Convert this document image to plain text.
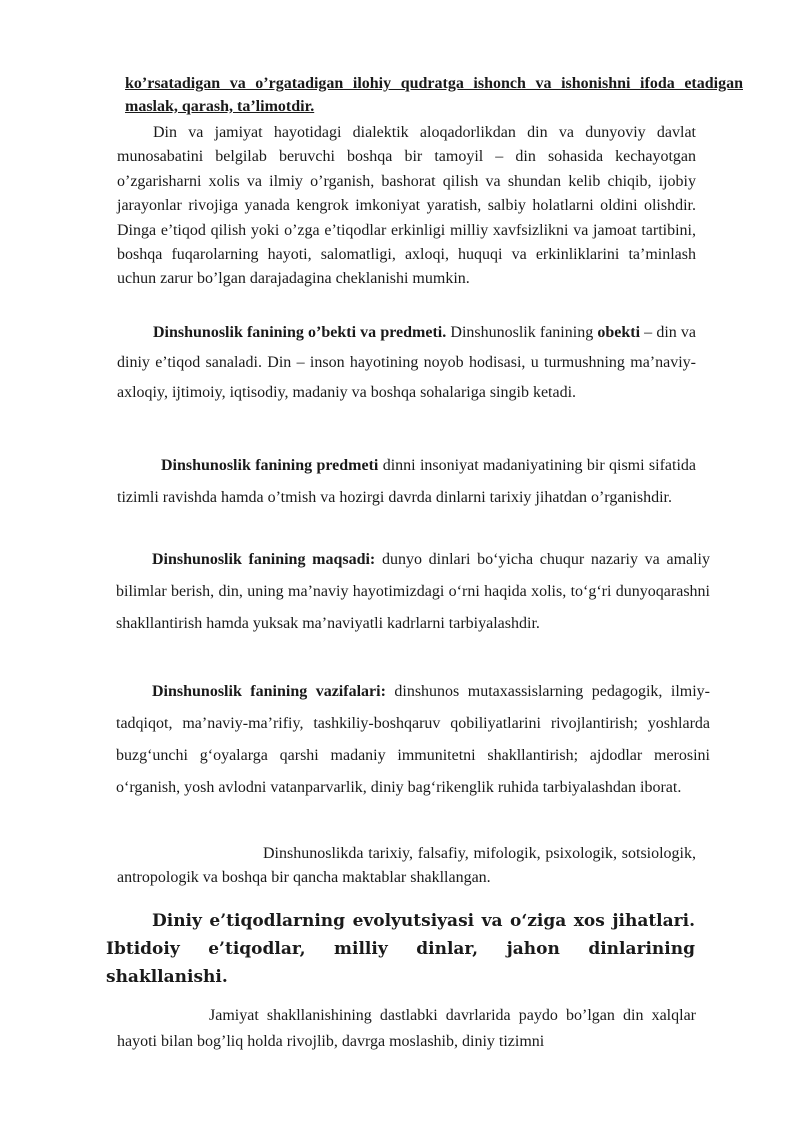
ko’rsatadigan va o’rgatadigan ilohiy qudratga ishonch va ishonishni ifoda etadigan maslak, qarash, ta’limotdir.

Din va jamiyat hayotidagi dialektik aloqadorlikdan din va dunyoviy davlat munosabatini belgilab beruvchi boshqa bir tamoyil – din sohasida kechayotgan o’zgarisharni xolis va ilmiy o’rganish, bashorat qilish va shundan kelib chiqib, ijobiy jarayonlar rivojiga yanada kengrok imkoniyat yaratish, salbiy holatlarni oldini olishdir. Dinga e’tiqod qilish yoki o’zga e’tiqodlar erkinligi milliy xavfsizlikni va jamoat tartibini, boshqa fuqarolarning hayoti, salomatligi, axloqi, huquqi va erkinliklarini ta’minlash uchun zarur bo’lgan darajadagina cheklanishi mumkin.

Dinshunoslik fanining o’bekti va predmeti. Dinshunoslik fanining obekti – din va diniy e’tiqod sanaladi. Din – inson hayotining noyob hodisasi, u turmushning ma’naviy-axloqiy, ijtimoiy, iqtisodiy, madaniy va boshqa sohalariga singib ketadi.

Dinshunoslik fanining predmeti dinni insoniyat madaniyatining bir qismi sifatida tizimli ravishda hamda o’tmish va hozirgi davrda dinlarni tarixiy jihatdan o’rganishdir.

Dinshunoslik fanining maqsadi: dunyo dinlari bo‘yicha chuqur nazariy va amaliy bilimlar berish, din, uning ma’naviy hayotimizdagi o‘rni haqida xolis, to‘g‘ri dunyoqarashni shakllantirish hamda yuksak ma’naviyatli kadrlarni tarbiyalashdir.

Dinshunoslik fanining vazifalari: dinshunos mutaxassislarning pedagogik, ilmiy-tadqiqot, ma’naviy-ma’rifiy, tashkiliy-boshqaruv qobiliyatlarini rivojlantirish; yoshlarda buzg‘unchi g‘oyalarga qarshi madaniy immunitetni shakllantirish; ajdodlar merosini o‘rganish, yosh avlodni vatanparvarlik, diniy bag‘rikenglik ruhida tarbiyalashdan iborat.

Dinshunoslikda tarixiy, falsafiy, mifologik, psixologik, sotsiologik, antropologik va boshqa bir qancha maktablar shakllangan.

Diniy e’tiqodlarning evolyutsiyasi va o‘ziga xos jihatlari. Ibtidoiy e’tiqodlar, milliy dinlar, jahon dinlarining shakllanishi.

Jamiyat shakllanishining dastlabki davrlarida paydo bo’lgan din xalqlar hayoti bilan bog’liq holda rivojlib, davrga moslashib, diniy tizimni
